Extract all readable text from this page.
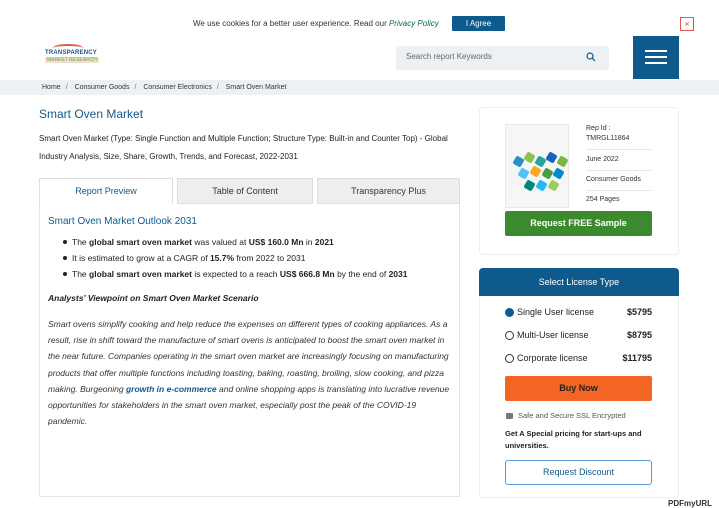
We use cookies for a better user experience. Read our Privacy Policy	I Agree	×
TRANSPARENCY
MARKET RESEARCH
Search report Keywords
Home / Consumer Goods / Consumer Electronics / Smart Oven Market
Smart Oven Market
Smart Oven Market (Type: Single Function and Multiple Function; Structure Type: Built-in and Counter Top) - Global Industry Analysis, Size, Share, Growth, Trends, and Forecast, 2022-2031
Report Preview	Table of Content	Transparency Plus
Smart Oven Market Outlook 2031
The global smart oven market was valued at US$ 160.0 Mn in 2021
It is estimated to grow at a CAGR of 15.7% from 2022 to 2031
The global smart oven market is expected to a reach US$ 666.8 Mn by the end of 2031
Analysts’ Viewpoint on Smart Oven Market Scenario
Smart ovens simplify cooking and help reduce the expenses on different types of cooking appliances. As a result, rise in shift toward the manufacture of smart ovens is anticipated to boost the smart oven market in the near future. Companies operating in the smart oven market are increasingly focusing on manufacturing products that offer multiple functions including toasting, baking, roasting, broiling, slow cooking, and pizza making. Burgeoning growth in e-commerce and online shopping apps is translating into lucrative revenue opportunities for stakeholders in the smart oven market, especially post the peak of the COVID-19 pandemic.
Rep Id :
TMRGL11864
June 2022
Consumer Goods
254 Pages
Request FREE Sample
Select License Type
Single User license	$5795
Multi-User license	$8795
Corporate license	$11795
Buy Now
Safe and Secure SSL Encrypted
Get A Special pricing for start-ups and universities.
Request Discount
PDFmyURL
